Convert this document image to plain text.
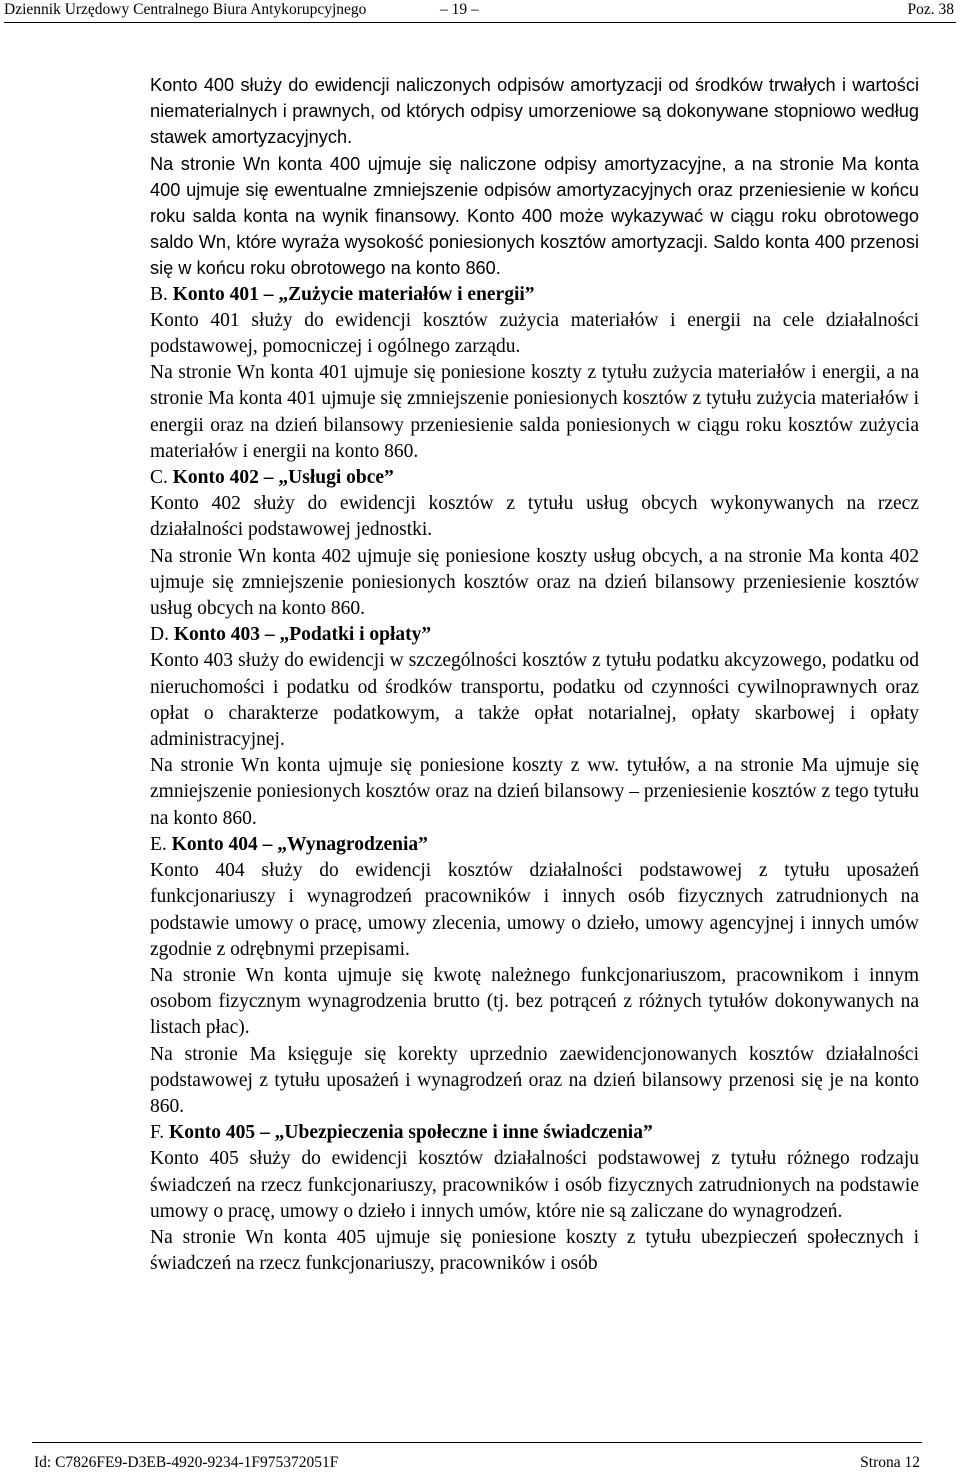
Dziennik Urzędowy Centralnego Biura Antykorupcyjnego	– 19 –	Poz. 38

Konto 400 służy do ewidencji naliczonych odpisów amortyzacji od środków trwałych i wartości niematerialnych i prawnych, od których odpisy umorzeniowe są dokonywane stopniowo według stawek amortyzacyjnych.

Na stronie Wn konta 400 ujmuje się naliczone odpisy amortyzacyjne, a na stronie Ma konta 400 ujmuje się ewentualne zmniejszenie odpisów amortyzacyjnych oraz przeniesienie w końcu roku salda konta na wynik finansowy. Konto 400 może wykazywać w ciągu roku obrotowego saldo Wn, które wyraża wysokość poniesionych kosztów amortyzacji. Saldo konta 400 przenosi się w końcu roku obrotowego na konto 860.

B. Konto 401 – „Zużycie materiałów i energii”

Konto 401 służy do ewidencji kosztów zużycia materiałów i energii na cele działalności podstawowej, pomocniczej i ogólnego zarządu.

Na stronie Wn konta 401 ujmuje się poniesione koszty z tytułu zużycia materiałów i energii, a na stronie Ma konta 401 ujmuje się zmniejszenie poniesionych kosztów z tytułu zużycia materiałów i energii oraz na dzień bilansowy przeniesienie salda poniesionych w ciągu roku kosztów zużycia materiałów i energii na konto 860.

C. Konto 402 – „Usługi obce”

Konto 402 służy do ewidencji kosztów z tytułu usług obcych wykonywanych na rzecz działalności podstawowej jednostki.

Na stronie Wn konta 402 ujmuje się poniesione koszty usług obcych, a na stronie Ma konta 402 ujmuje się zmniejszenie poniesionych kosztów oraz na dzień bilansowy przeniesienie kosztów usług obcych na konto 860.

D. Konto 403 – „Podatki i opłaty”

Konto 403 służy do ewidencji w szczególności kosztów z tytułu podatku akcyzowego, podatku od nieruchomości i podatku od środków transportu, podatku od czynności cywilnoprawnych oraz opłat o charakterze podatkowym, a także opłat notarialnej, opłaty skarbowej i opłaty administracyjnej.

Na stronie Wn konta ujmuje się poniesione koszty z ww. tytułów, a na stronie Ma ujmuje się zmniejszenie poniesionych kosztów oraz na dzień bilansowy – przeniesienie kosztów z tego tytułu na konto 860.

E. Konto 404 – „Wynagrodzenia”

Konto 404 służy do ewidencji kosztów działalności podstawowej z tytułu uposażeń funkcjonariuszy i wynagrodzeń pracowników i innych osób fizycznych zatrudnionych na podstawie umowy o pracę, umowy zlecenia, umowy o dzieło, umowy agencyjnej i innych umów zgodnie z odrębnymi przepisami.

Na stronie Wn konta ujmuje się kwotę należnego funkcjonariuszom, pracownikom i innym osobom fizycznym wynagrodzenia brutto (tj. bez potrąceń z różnych tytułów dokonywanych na listach płac).

Na stronie Ma księguje się korekty uprzednio zaewidencjonowanych kosztów działalności podstawowej z tytułu uposażeń i wynagrodzeń oraz na dzień bilansowy przenosi się je na konto 860.

F. Konto 405 – „Ubezpieczenia społeczne i inne świadczenia”

Konto 405 służy do ewidencji kosztów działalności podstawowej z tytułu różnego rodzaju świadczeń na rzecz funkcjonariuszy, pracowników i osób fizycznych zatrudnionych na podstawie umowy o pracę, umowy o dzieło i innych umów, które nie są zaliczane do wynagrodzeń.

Na stronie Wn konta 405 ujmuje się poniesione koszty z tytułu ubezpieczeń społecznych i świadczeń na rzecz funkcjonariuszy, pracowników i osób

Id: C7826FE9-D3EB-4920-9234-1F975372051F	Strona 12
